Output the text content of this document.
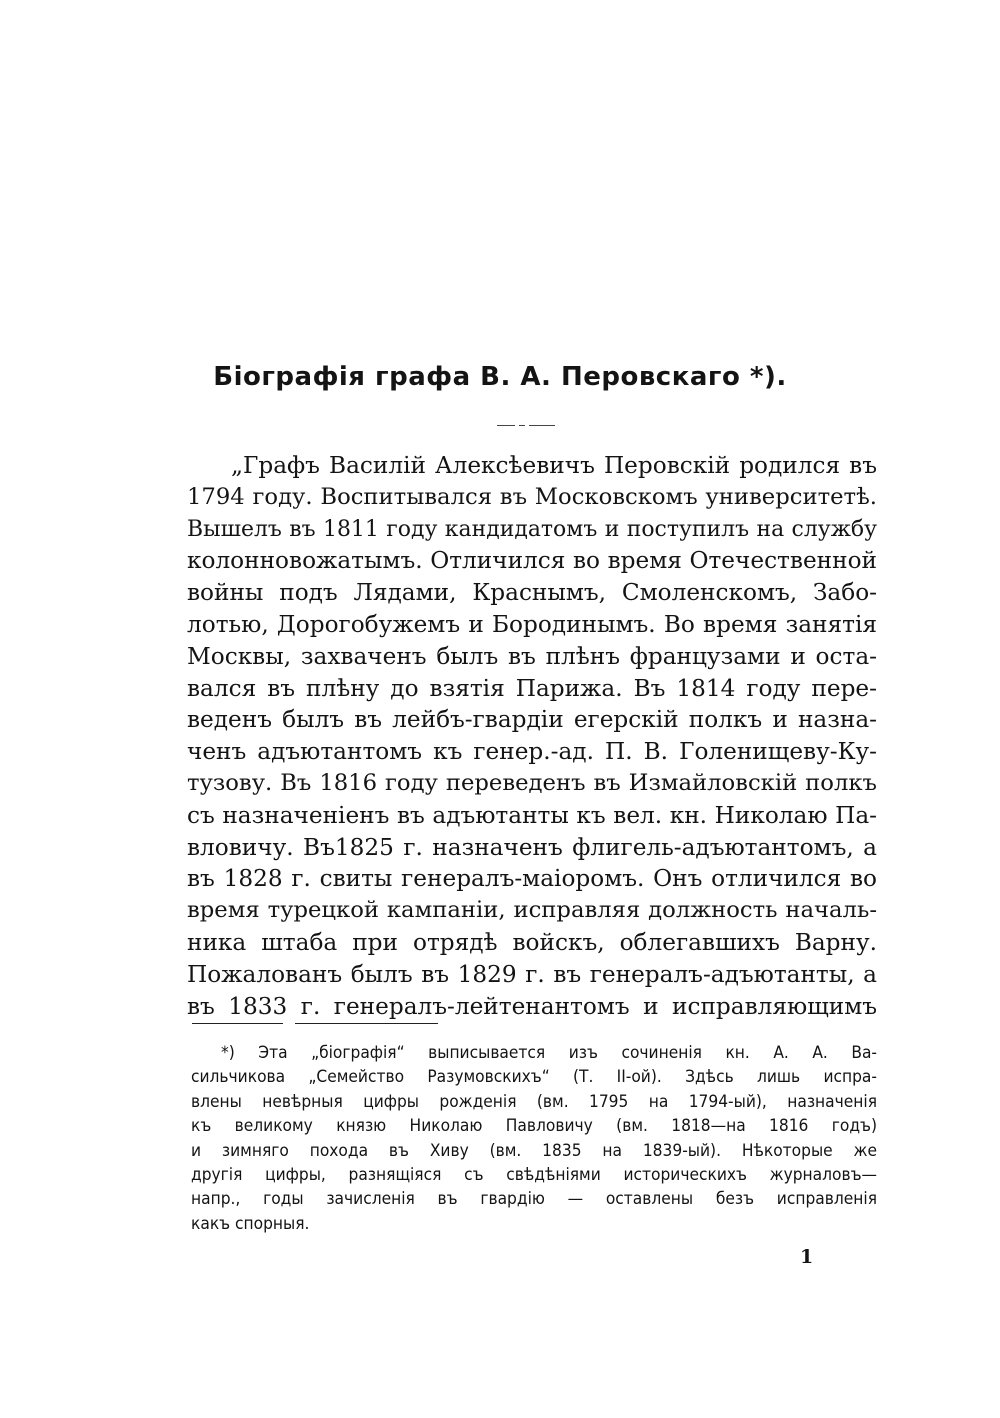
Біографія графа В. А. Перовскаго *).
„Графъ Василій Алексѣевичъ Перовскій родился въ
1794 году. Воспитывался въ Московскомъ университетѣ.
Вышелъ въ 1811 году кандидатомъ и поступилъ на службу
колонновожатымъ. Отличился во время Отечественной
войны подъ Лядами, Краснымъ, Смоленскомъ, Забо-
лотью, Дорогобужемъ и Бородинымъ. Во время занятія
Москвы, захваченъ былъ въ плѣнъ французами и оста-
вался въ плѣну до взятія Парижа. Въ 1814 году пере-
веденъ былъ въ лейбъ-гвардіи егерскій полкъ и назна-
ченъ адъютантомъ къ генер.-ад. П. В. Голенищеву-Ку-
тузову. Въ 1816 году переведенъ въ Измайловскій полкъ
съ назначеніенъ въ адъютанты къ вел. кн. Николаю Па-
вловичу. Въ1825 г. назначенъ флигель-адъютантомъ, а
въ 1828 г. свиты генералъ-маіоромъ. Онъ отличился во
время турецкой кампаніи, исправляя должность началь-
ника штаба при отрядѣ войскъ, облегавшихъ Варну.
Пожалованъ былъ въ 1829 г. въ генералъ-адъютанты, а
въ 1833 г. генералъ-лейтенантомъ и исправляющимъ
*) Эта „біографія“ выписывается изъ сочиненія кн. А. А. Ва-
сильчикова „Семейство Разумовскихъ“ (Т. II-ой). Здѣсь лишь испра-
влены невѣрныя цифры рожденія (вм. 1795 на 1794-ый), назначенія
къ великому князю Николаю Павловичу (вм. 1818—на 1816 годъ)
и зимняго похода въ Хиву (вм. 1835 на 1839-ый). Нѣкоторые же
другія цифры, разнящіяся съ свѣдѣніями историческихъ журналовъ—
напр., годы зачисленія въ гвардію — оставлены безъ исправленія
какъ спорныя.

1
